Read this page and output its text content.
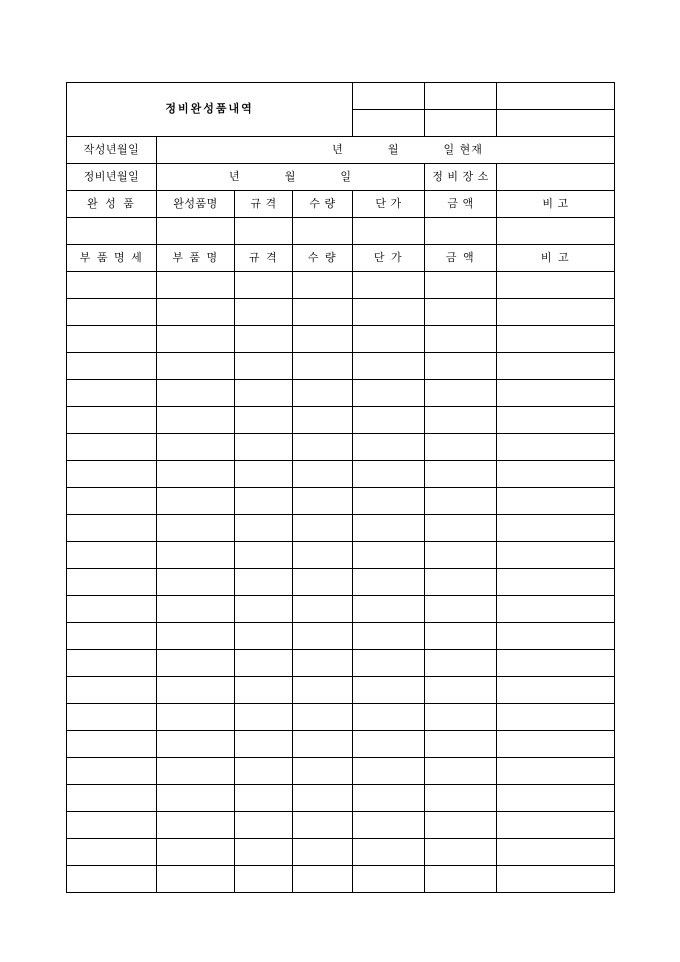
정비완성품내역						

작성년월일	년 월 일 현재					
정비년월일	년 월 일				정 비 장 소	
완 성 품	완성품명	규 격	수 량	단 가	금 액	비 고

부 품 명 세	부 품 명	규 격	수 량	단 가	금 액	비 고
